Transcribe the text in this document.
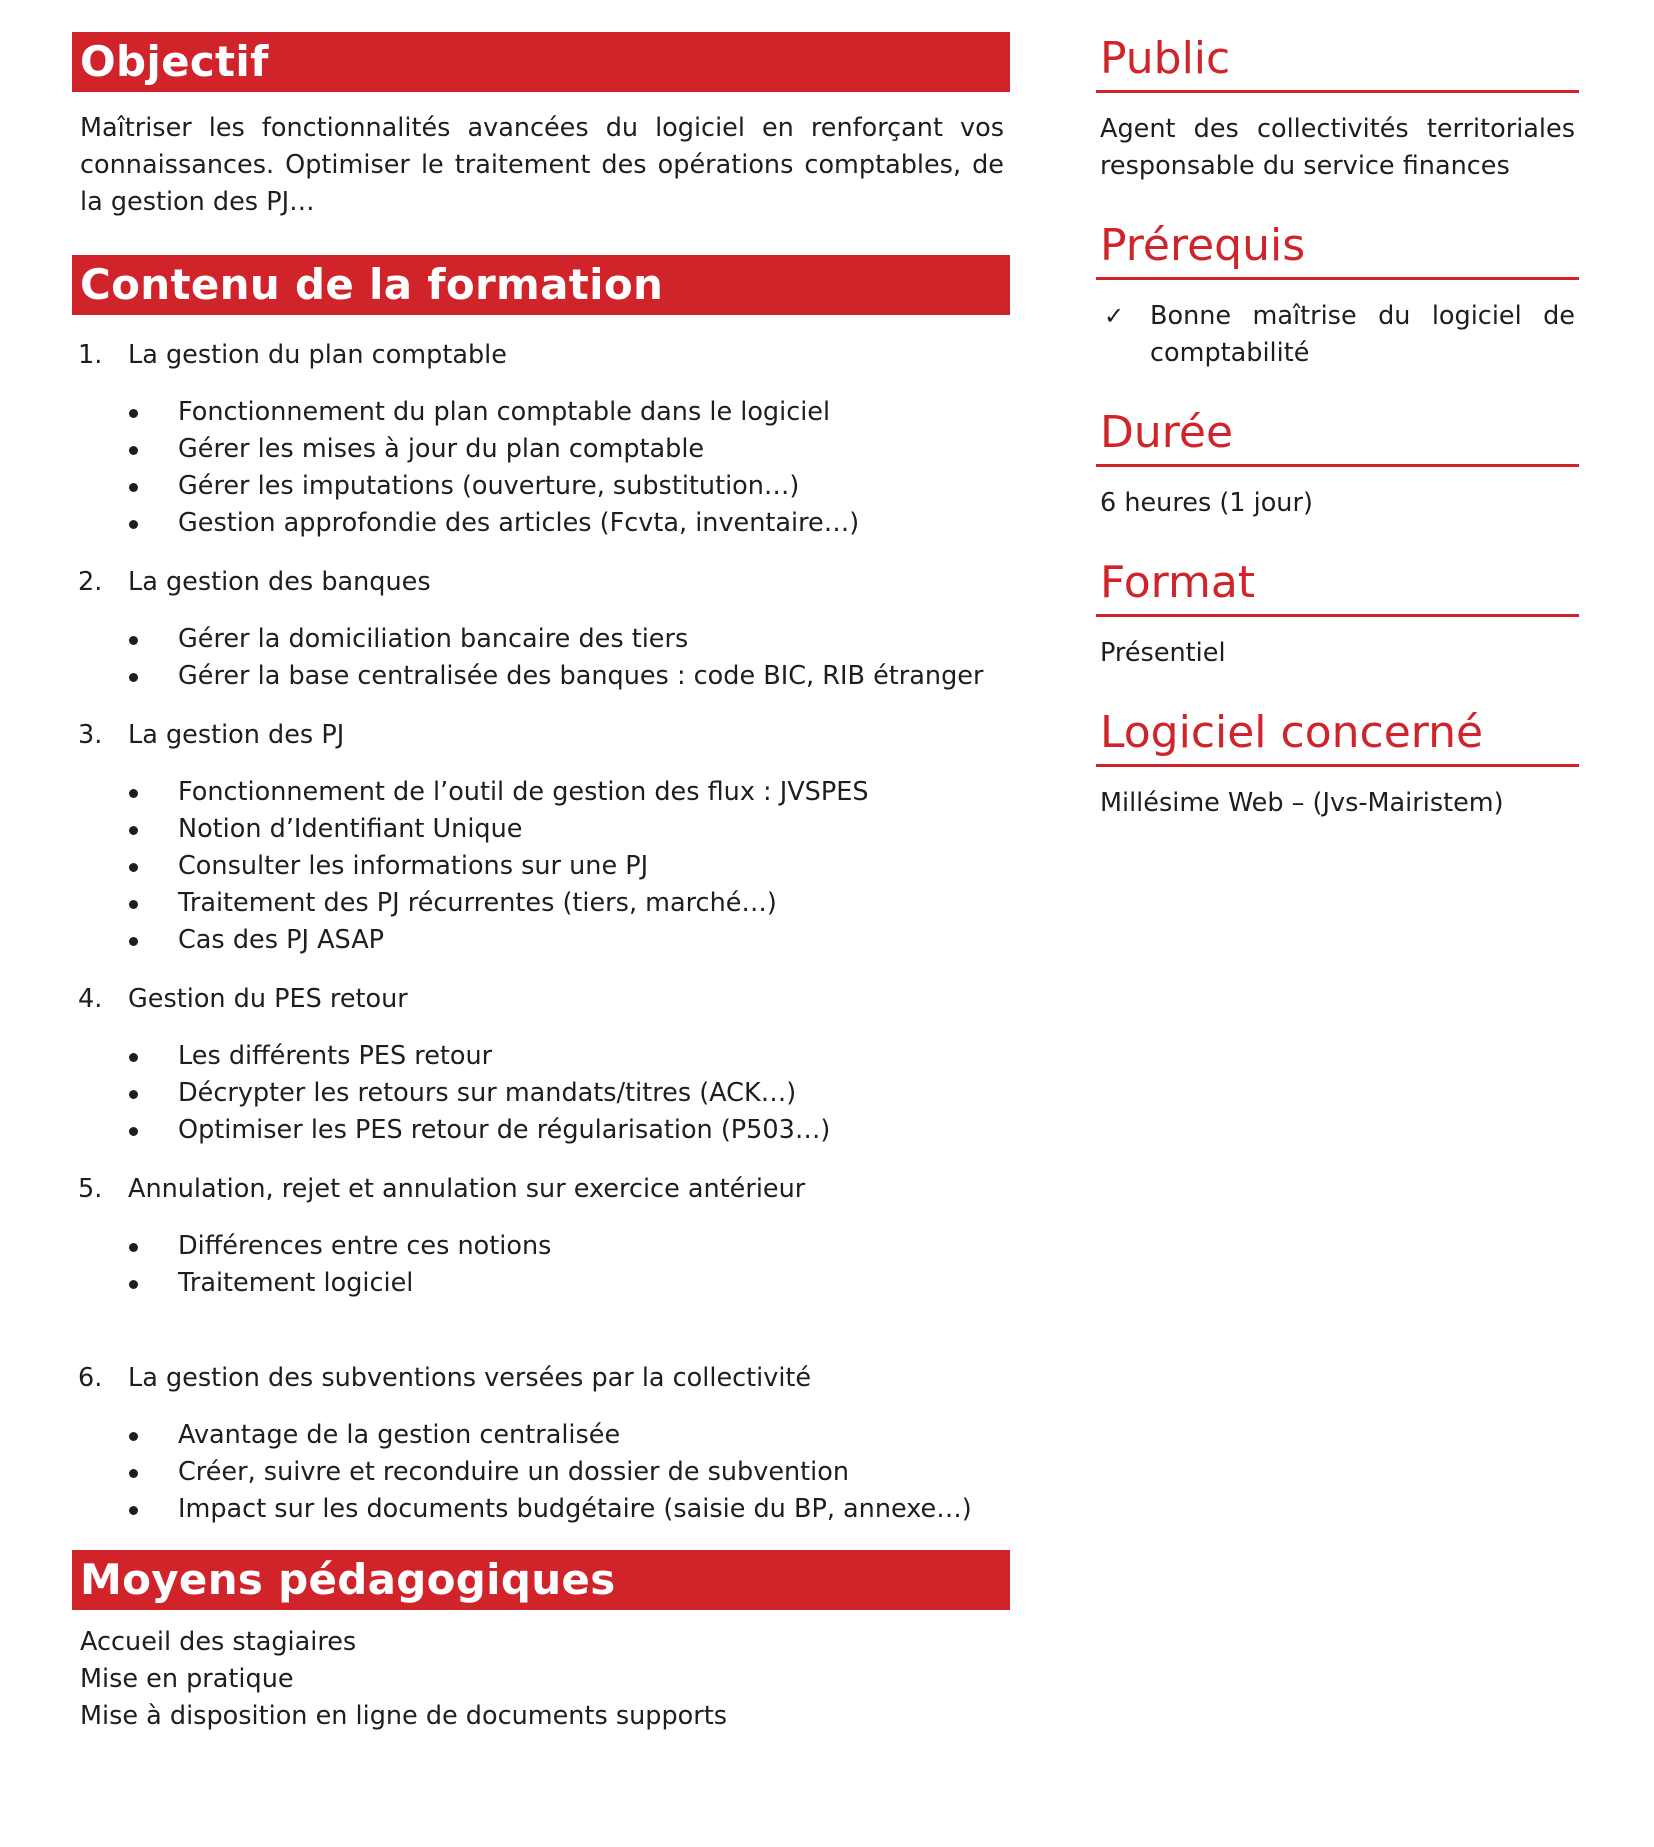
Objectif
Maîtriser les fonctionnalités avancées du logiciel en renforçant vos connaissances. Optimiser le traitement des opérations comptables, de la gestion des PJ…
Contenu de la formation
1. La gestion du plan comptable
Fonctionnement du plan comptable dans le logiciel
Gérer les mises à jour du plan comptable
Gérer les imputations (ouverture, substitution…)
Gestion approfondie des articles (Fcvta, inventaire…)
2. La gestion des banques
Gérer la domiciliation bancaire des tiers
Gérer la base centralisée des banques : code BIC, RIB étranger
3. La gestion des PJ
Fonctionnement de l’outil de gestion des flux : JVSPES
Notion d’Identifiant Unique
Consulter les informations sur une PJ
Traitement des PJ récurrentes (tiers, marché…)
Cas des PJ ASAP
4. Gestion du PES retour
Les différents PES retour
Décrypter les retours sur mandats/titres (ACK…)
Optimiser les PES retour de régularisation (P503…)
5. Annulation, rejet et annulation sur exercice antérieur
Différences entre ces notions
Traitement logiciel
6. La gestion des subventions versées par la collectivité
Avantage de la gestion centralisée
Créer, suivre et reconduire un dossier de subvention
Impact sur les documents budgétaire (saisie du BP, annexe…)
Moyens pédagogiques
Accueil des stagiaires
Mise en pratique
Mise à disposition en ligne de documents supports
Public
Agent des collectivités territoriales responsable du service finances
Prérequis
✓ Bonne maîtrise du logiciel de comptabilité
Durée
6 heures (1 jour)
Format
Présentiel
Logiciel concerné
Millésime Web – (Jvs-Mairistem)
